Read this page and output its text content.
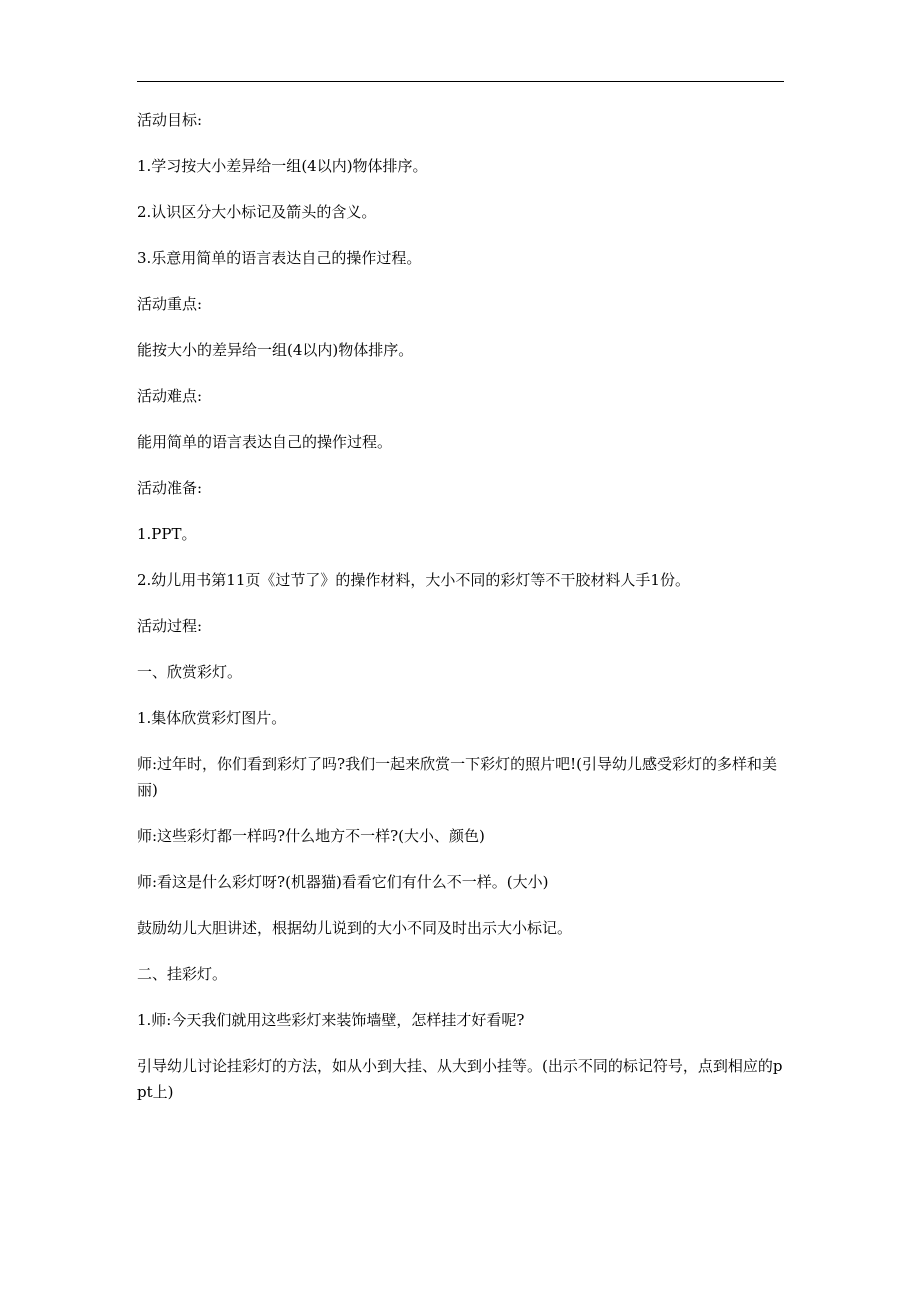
活动目标:

1.学习按大小差异给一组(4以内)物体排序。

2.认识区分大小标记及箭头的含义。

3.乐意用简单的语言表达自己的操作过程。

活动重点:

能按大小的差异给一组(4以内)物体排序。

活动难点:

能用简单的语言表达自己的操作过程。

活动准备:

1.PPT。

2.幼儿用书第11页《过节了》的操作材料，大小不同的彩灯等不干胶材料人手1份。

活动过程:

一、欣赏彩灯。

1.集体欣赏彩灯图片。

师:过年时，你们看到彩灯了吗?我们一起来欣赏一下彩灯的照片吧!(引导幼儿感受彩灯的多样和美丽)

师:这些彩灯都一样吗?什么地方不一样?(大小、颜色)

师:看这是什么彩灯呀?(机器猫)看看它们有什么不一样。(大小)

鼓励幼儿大胆讲述，根据幼儿说到的大小不同及时出示大小标记。

二、挂彩灯。

1.师:今天我们就用这些彩灯来装饰墙壁，怎样挂才好看呢?

引导幼儿讨论挂彩灯的方法，如从小到大挂、从大到小挂等。(出示不同的标记符号，点到相应的ppt上)
